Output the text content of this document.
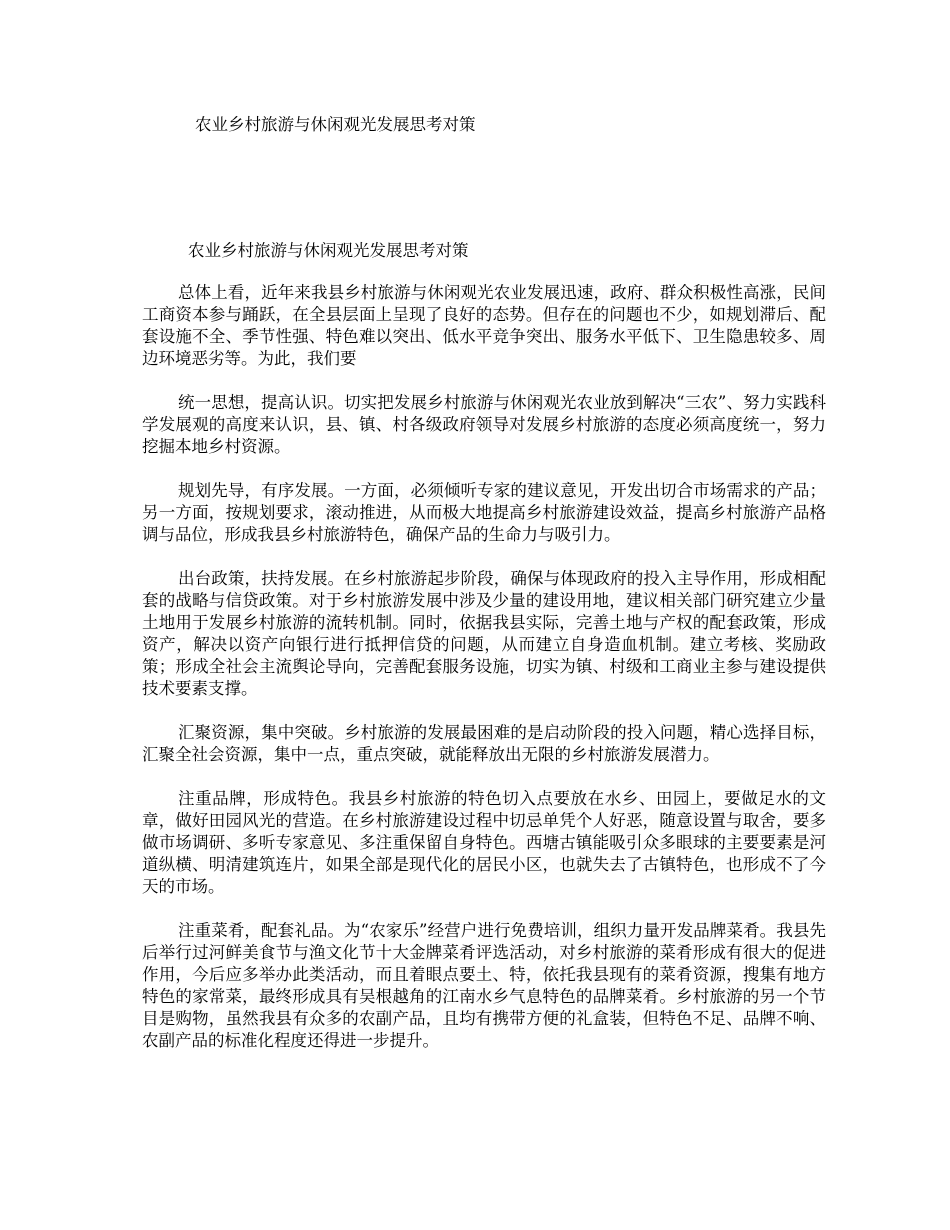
农业乡村旅游与休闲观光发展思考对策
农业乡村旅游与休闲观光发展思考对策

总体上看，近年来我县乡村旅游与休闲观光农业发展迅速，政府、群众积极性高涨，民间工商资本参与踊跃，在全县层面上呈现了良好的态势。但存在的问题也不少，如规划滞后、配套设施不全、季节性强、特色难以突出、低水平竞争突出、服务水平低下、卫生隐患较多、周边环境恶劣等。为此，我们要

统一思想，提高认识。切实把发展乡村旅游与休闲观光农业放到解决“三农”、努力实践科学发展观的高度来认识，县、镇、村各级政府领导对发展乡村旅游的态度必须高度统一，努力挖掘本地乡村资源。

规划先导，有序发展。一方面，必须倾听专家的建议意见，开发出切合市场需求的产品；另一方面，按规划要求，滚动推进，从而极大地提高乡村旅游建设效益，提高乡村旅游产品格调与品位，形成我县乡村旅游特色，确保产品的生命力与吸引力。

出台政策，扶持发展。在乡村旅游起步阶段，确保与体现政府的投入主导作用，形成相配套的战略与信贷政策。对于乡村旅游发展中涉及少量的建设用地，建议相关部门研究建立少量土地用于发展乡村旅游的流转机制。同时，依据我县实际，完善土地与产权的配套政策，形成资产，解决以资产向银行进行抵押信贷的问题，从而建立自身造血机制。建立考核、奖励政策；形成全社会主流舆论导向，完善配套服务设施，切实为镇、村级和工商业主参与建设提供技术要素支撑。

汇聚资源，集中突破。乡村旅游的发展最困难的是启动阶段的投入问题，精心选择目标，汇聚全社会资源，集中一点，重点突破，就能释放出无限的乡村旅游发展潜力。

注重品牌，形成特色。我县乡村旅游的特色切入点要放在水乡、田园上，要做足水的文章，做好田园风光的营造。在乡村旅游建设过程中切忌单凭个人好恶，随意设置与取舍，要多做市场调研、多听专家意见、多注重保留自身特色。西塘古镇能吸引众多眼球的主要要素是河道纵横、明清建筑连片，如果全部是现代化的居民小区，也就失去了古镇特色，也形成不了今天的市场。

注重菜肴，配套礼品。为“农家乐”经营户进行免费培训，组织力量开发品牌菜肴。我县先后举行过河鲜美食节与渔文化节十大金牌菜肴评选活动，对乡村旅游的菜肴形成有很大的促进作用，今后应多举办此类活动，而且着眼点要土、特，依托我县现有的菜肴资源，搜集有地方特色的家常菜，最终形成具有吴根越角的江南水乡气息特色的品牌菜肴。乡村旅游的另一个节目是购物，虽然我县有众多的农副产品，且均有携带方便的礼盒装，但特色不足、品牌不响、农副产品的标准化程度还得进一步提升。
